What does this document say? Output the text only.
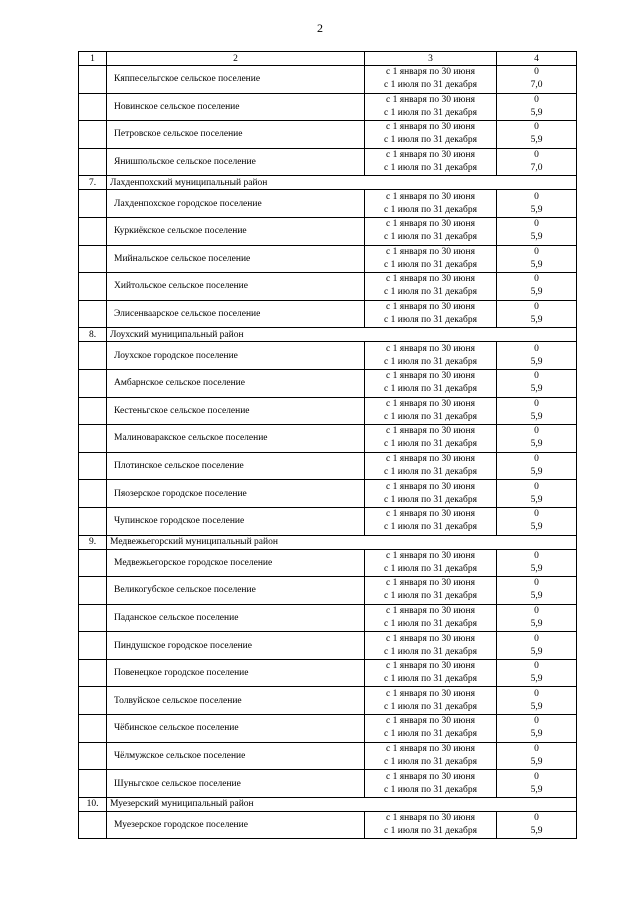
2
1	2	3	4
	Кяппесельгское сельское поселение	с 1 января по 30 июня
с 1 июля по 31 декабря	0
7,0

	Новинское сельское поселение	с 1 января по 30 июня
с 1 июля по 31 декабря	0
5,9

	Петровское сельское поселение	с 1 января по 30 июня
с 1 июля по 31 декабря	0
5,9

	Янишпольское сельское поселение	с 1 января по 30 июня
с 1 июля по 31 декабря	0
7,0

7.	Лахденпохский муниципальный район		
	Лахденпохское городское поселение	с 1 января по 30 июня
с 1 июля по 31 декабря	0
5,9

	Куркиёкское сельское поселение	с 1 января по 30 июня
с 1 июля по 31 декабря	0
5,9

	Мийнальское сельское поселение	с 1 января по 30 июня
с 1 июля по 31 декабря	0
5,9

	Хийтольское сельское поселение	с 1 января по 30 июня
с 1 июля по 31 декабря	0
5,9

	Элисенваарское сельское поселение	с 1 января по 30 июня
с 1 июля по 31 декабря	0
5,9

8.	Лоухский муниципальный район		
	Лоухское городское поселение	с 1 января по 30 июня
с 1 июля по 31 декабря	0
5,9

	Амбарнское сельское поселение	с 1 января по 30 июня
с 1 июля по 31 декабря	0
5,9

	Кестеньгское сельское поселение	с 1 января по 30 июня
с 1 июля по 31 декабря	0
5,9

	Малиноваракское сельское поселение	с 1 января по 30 июня
с 1 июля по 31 декабря	0
5,9

	Плотинское сельское поселение	с 1 января по 30 июня
с 1 июля по 31 декабря	0
5,9

	Пяозерское городское поселение	с 1 января по 30 июня
с 1 июля по 31 декабря	0
5,9

	Чупинское городское поселение	с 1 января по 30 июня
с 1 июля по 31 декабря	0
5,9

9.	Медвежьегорский муниципальный район		
	Медвежьегорское городское поселение	с 1 января по 30 июня
с 1 июля по 31 декабря	0
5,9

	Великогубское сельское поселение	с 1 января по 30 июня
с 1 июля по 31 декабря	0
5,9

	Паданское сельское поселение	с 1 января по 30 июня
с 1 июля по 31 декабря	0
5,9

	Пиндушское городское поселение	с 1 января по 30 июня
с 1 июля по 31 декабря	0
5,9

	Повенецкое городское поселение	с 1 января по 30 июня
с 1 июля по 31 декабря	0
5,9

	Толвуйское сельское поселение	с 1 января по 30 июня
с 1 июля по 31 декабря	0
5,9

	Чёбинское сельское поселение	с 1 января по 30 июня
с 1 июля по 31 декабря	0
5,9

	Чёлмужское сельское поселение	с 1 января по 30 июня
с 1 июля по 31 декабря	0
5,9

	Шуньгское сельское поселение	с 1 января по 30 июня
с 1 июля по 31 декабря	0
5,9

10.	Муезерский муниципальный район		
	Муезерское городское поселение	с 1 января по 30 июня
с 1 июля по 31 декабря	0
5,9
